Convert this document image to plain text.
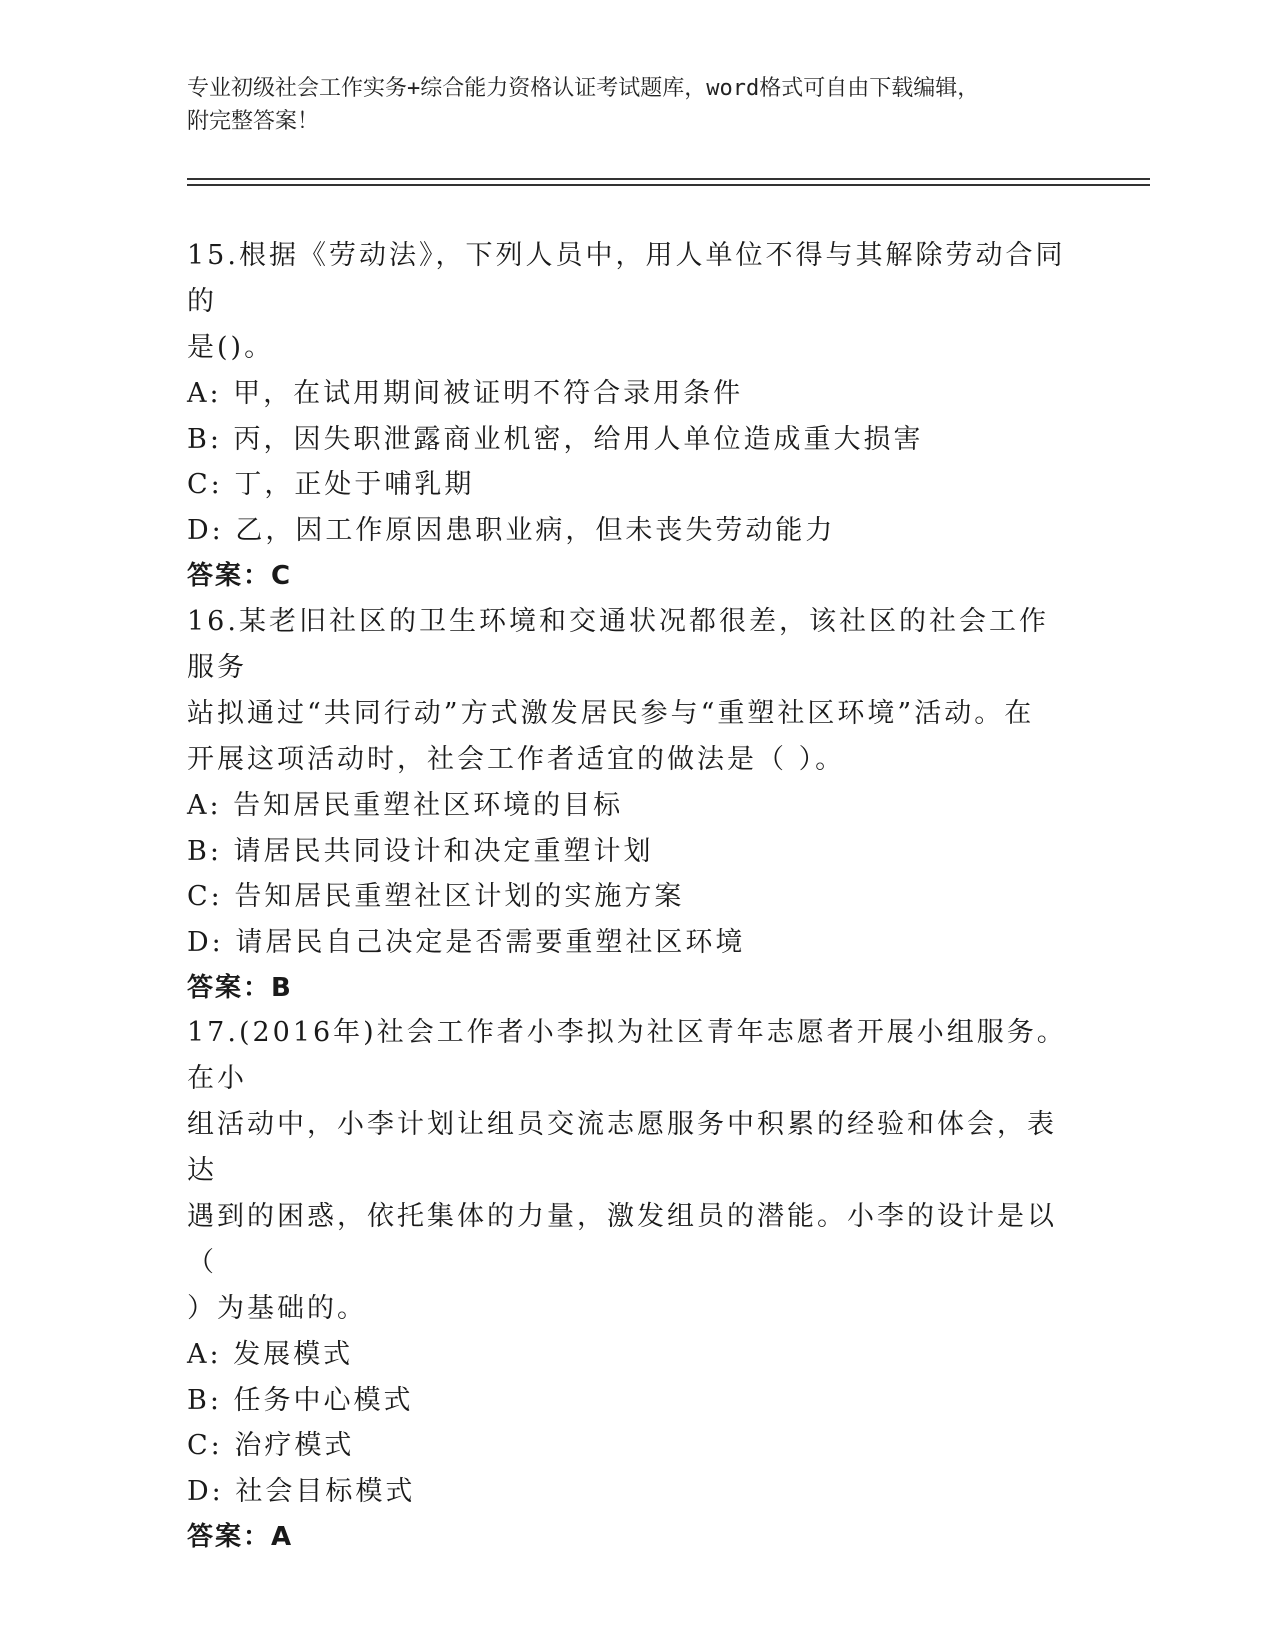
专业初级社会工作实务+综合能力资格认证考试题库，word格式可自由下载编辑，
附完整答案！

15.根据《劳动法》，下列人员中，用人单位不得与其解除劳动合同的

是()。

A: 甲，在试用期间被证明不符合录用条件

B: 丙，因失职泄露商业机密，给用人单位造成重大损害

C: 丁，正处于哺乳期

D: 乙，因工作原因患职业病，但未丧失劳动能力

答案：C

16.某老旧社区的卫生环境和交通状况都很差，该社区的社会工作服务

站拟通过“共同行动”方式激发居民参与“重塑社区环境”活动。在

开展这项活动时，社会工作者适宜的做法是（ ）。

A: 告知居民重塑社区环境的目标

B: 请居民共同设计和决定重塑计划

C: 告知居民重塑社区计划的实施方案

D: 请居民自己决定是否需要重塑社区环境

答案：B

17.(2016年)社会工作者小李拟为社区青年志愿者开展小组服务。在小

组活动中，小李计划让组员交流志愿服务中积累的经验和体会，表达

遇到的困惑，依托集体的力量，激发组员的潜能。小李的设计是以（

）为基础的。

A: 发展模式

B: 任务中心模式

C: 治疗模式

D: 社会目标模式

答案：A
